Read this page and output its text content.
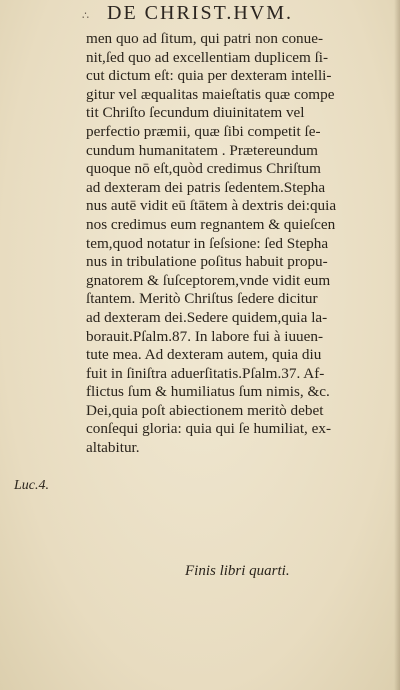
∴ DE CHRIST.HVM.
men quo ad ſitum, qui patri non conue-
nit,ſed quo ad excellentiam duplicem ſi-
cut dictum eſt: quia per dexteram intelli-
gitur vel æqualitas maieſtatis quæ compe
tit Chriſto ſecundum diuinitatem vel
perfectio præmii, quæ ſibi competit ſe-
cundum humanitatem . Prætereundum
quoque nō eſt,quòd credimus Chriſtum
ad dexteram dei patris ſedentem.Stepha
nus autē vidit eū ſtātem à dextris dei:quia
nos credimus eum regnantem & quieſcen
tem,quod notatur in ſeſsione: ſed Stepha
nus in tribulatione poſitus habuit propu-
gnatorem & ſuſceptorem,vnde vidit eum
ſtantem. Meritò Chriſtus ſedere dicitur
ad dexteram dei.Sedere quidem,quia la-
borauit.Pſalm.87. In labore fui à iuuen-
tute mea. Ad dexteram autem, quia diu
fuit in ſiniſtra aduerſitatis.Pſalm.37. Af-
flictus ſum & humiliatus ſum nimis, &c.
Dei,quia poſt abiectionem meritò debet
conſequi gloria: quia qui ſe humiliat, ex-
altabitur.
Luc.4.
Finis libri quarti.
